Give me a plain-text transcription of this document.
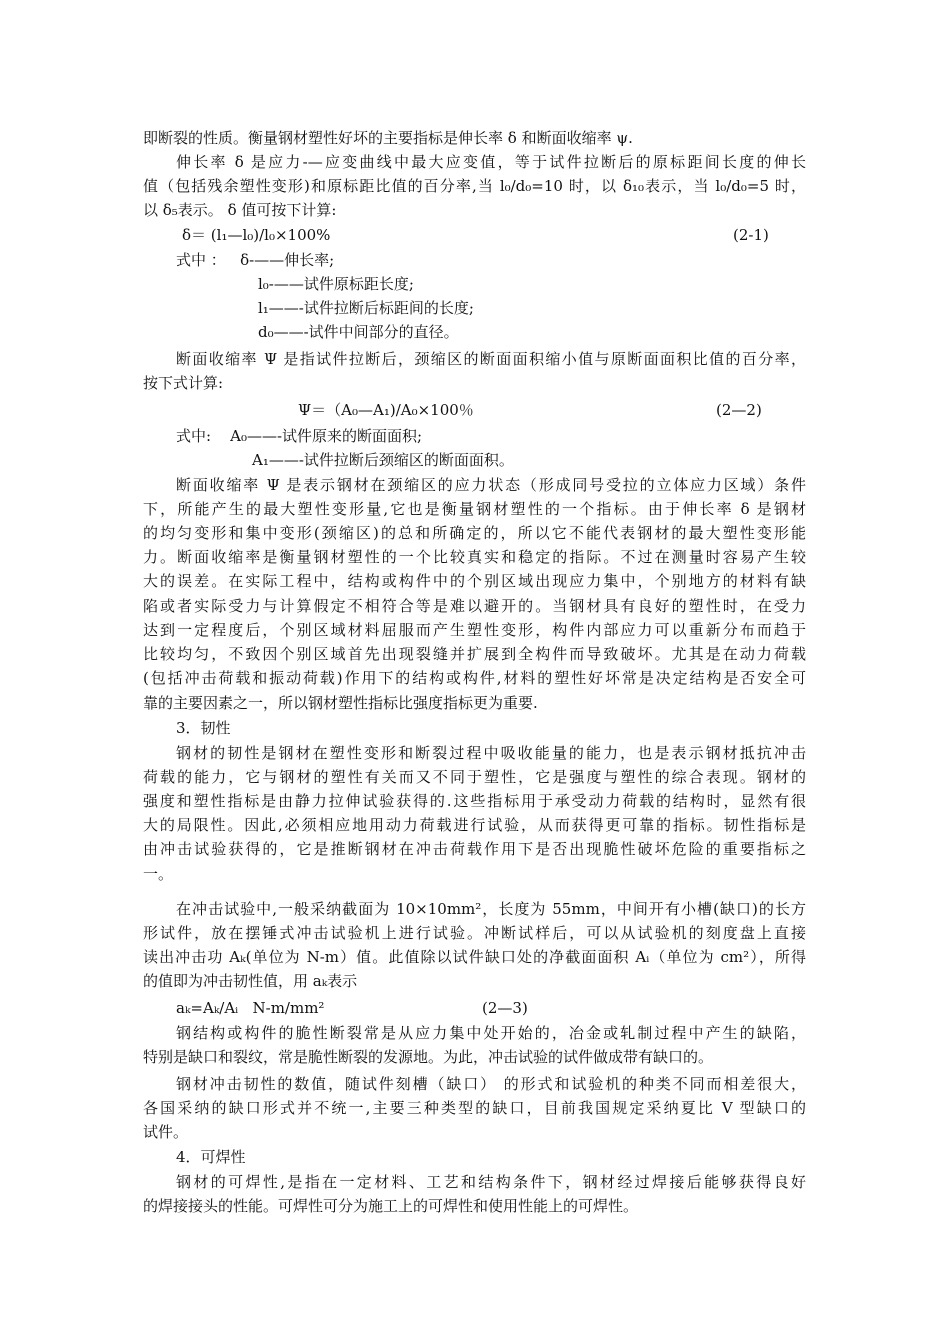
即断裂的性质。衡量钢材塑性好坏的主要指标是伸长率 δ 和断面收缩率 ψ.
伸长率 δ 是应力-—应变曲线中最大应变值，等于试件拉断后的原标距间长度的伸长
值（包括残余塑性变形)和原标距比值的百分率,当 l₀/d₀=10 时，以 δ₁₀表示，当 l₀/d₀=5 时，
以 δ₅表示。 δ 值可按下计算:
δ＝ (l₁—l₀)/l₀×100%	(2-1)
式中 ：   δ-——伸长率;
l₀-——试件原标距长度;
l₁——-试件拉断后标距间的长度;
d₀——-试件中间部分的直径。
断面收缩率 Ψ 是指试件拉断后，颈缩区的断面面积缩小值与原断面面积比值的百分率，
按下式计算:
Ψ＝（A₀—A₁)/A₀×100％	(2—2)
式中:    A₀——-试件原来的断面面积;
A₁——-试件拉断后颈缩区的断面面积。
断面收缩率 Ψ 是表示钢材在颈缩区的应力状态（形成同号受拉的立体应力区域）条件
下，所能产生的最大塑性变形量,它也是衡量钢材塑性的一个指标。由于伸长率 δ 是钢材
的均匀变形和集中变形(颈缩区)的总和所确定的，所以它不能代表钢材的最大塑性变形能
力。断面收缩率是衡量钢材塑性的一个比较真实和稳定的指际。不过在测量时容易产生较
大的误差。在实际工程中，结构或构件中的个别区域出现应力集中，个别地方的材料有缺
陷或者实际受力与计算假定不相符合等是难以避开的。当钢材具有良好的塑性时，在受力
达到一定程度后，个别区域材料屈服而产生塑性变形，构件内部应力可以重新分布而趋于
比较均匀，不致因个别区域首先出现裂缝并扩展到全构件而导致破坏。尤其是在动力荷载
(包括冲击荷载和振动荷载)作用下的结构或构件,材料的塑性好坏常是决定结构是否安全可
靠的主要因素之一，所以钢材塑性指标比强度指标更为重要.
3．韧性
钢材的韧性是钢材在塑性变形和断裂过程中吸收能量的能力，也是表示钢材抵抗冲击
荷载的能力，它与钢材的塑性有关而又不同于塑性，它是强度与塑性的综合表现。钢材的
强度和塑性指标是由静力拉伸试验获得的.这些指标用于承受动力荷载的结构时，显然有很
大的局限性。因此,必须相应地用动力荷载进行试验，从而获得更可靠的指标。韧性指标是
由冲击试验获得的，它是推断钢材在冲击荷载作用下是否出现脆性破坏危险的重要指标之
一。
在冲击试验中,一般采纳截面为 10×10mm²，长度为 55mm，中间开有小槽(缺口)的长方
形试件，放在摆锤式冲击试验机上进行试验。冲断试样后，可以从试验机的刻度盘上直接
读出冲击功 Aₖ(单位为 N-m）值。此值除以试件缺口处的净截面面积 Aᵢ（单位为 cm²），所得
的值即为冲击韧性值，用 aₖ表示
aₖ=Aₖ/Aᵢ   N-m/mm²	(2—3)
钢结构或构件的脆性断裂常是从应力集中处开始的，冶金或轧制过程中产生的缺陷，
特别是缺口和裂纹，常是脆性断裂的发源地。为此，冲击试验的试件做成带有缺口的。
钢材冲击韧性的数值，随试件刻槽（缺口） 的形式和试验机的种类不同而相差很大，
各国采纳的缺口形式并不统一,主要三种类型的缺口，目前我国规定采纳夏比 V 型缺口的
试件。
4．可焊性
钢材的可焊性,是指在一定材料、工艺和结构条件下，钢材经过焊接后能够获得良好
的焊接接头的性能。可焊性可分为施工上的可焊性和使用性能上的可焊性。
